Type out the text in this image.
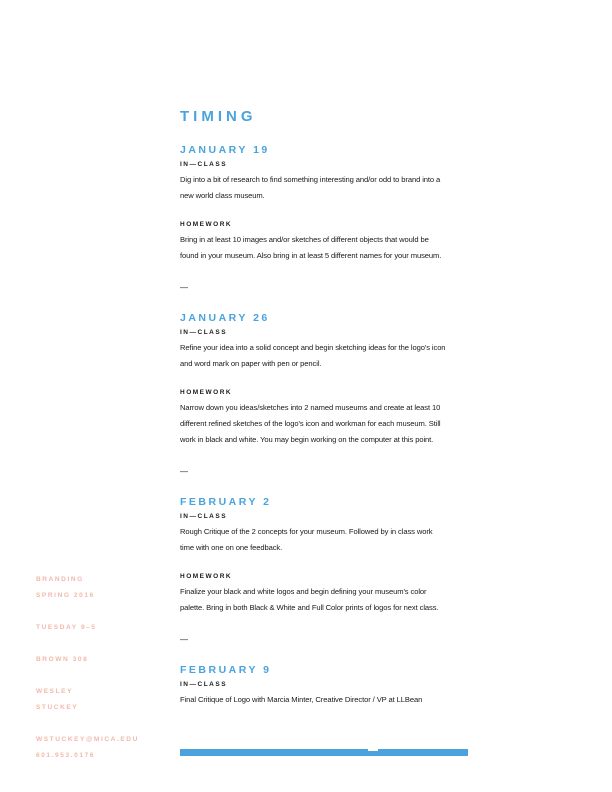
TIMING
JANUARY 19
IN—CLASS
Dig into a bit of research to find something interesting and/or odd to brand into a
new world class museum.
HOMEWORK
Bring in at least 10 images and/or sketches of different objects that would be
found in your museum. Also bring in at least 5 different names for your museum.
—
JANUARY 26
IN—CLASS
Refine your idea into a solid concept and begin sketching ideas for the logo's icon
and word mark on paper with pen or pencil.
HOMEWORK
Narrow down you ideas/sketches into 2 named museums and create at least 10
different refined sketches of the logo's icon and workman for each museum. Still
work in black and white. You may begin working on the computer at this point.
—
FEBRUARY 2
IN—CLASS
Rough Critique of the 2 concepts for your museum. Followed by in class work
time with one on one feedback.
HOMEWORK
Finalize your black and white logos and begin defining your museum's color
palette. Bring in both Black & White and Full Color prints of logos for next class.
—
FEBRUARY 9
IN—CLASS
Final Critique of Logo with Marcia Minter, Creative Director / VP at LLBean
BRANDING
SPRING 2016
TUESDAY 9–5
BROWN 308
WESLEY
STUCKEY
WSTUCKEY@MICA.EDU
601.953.0176
